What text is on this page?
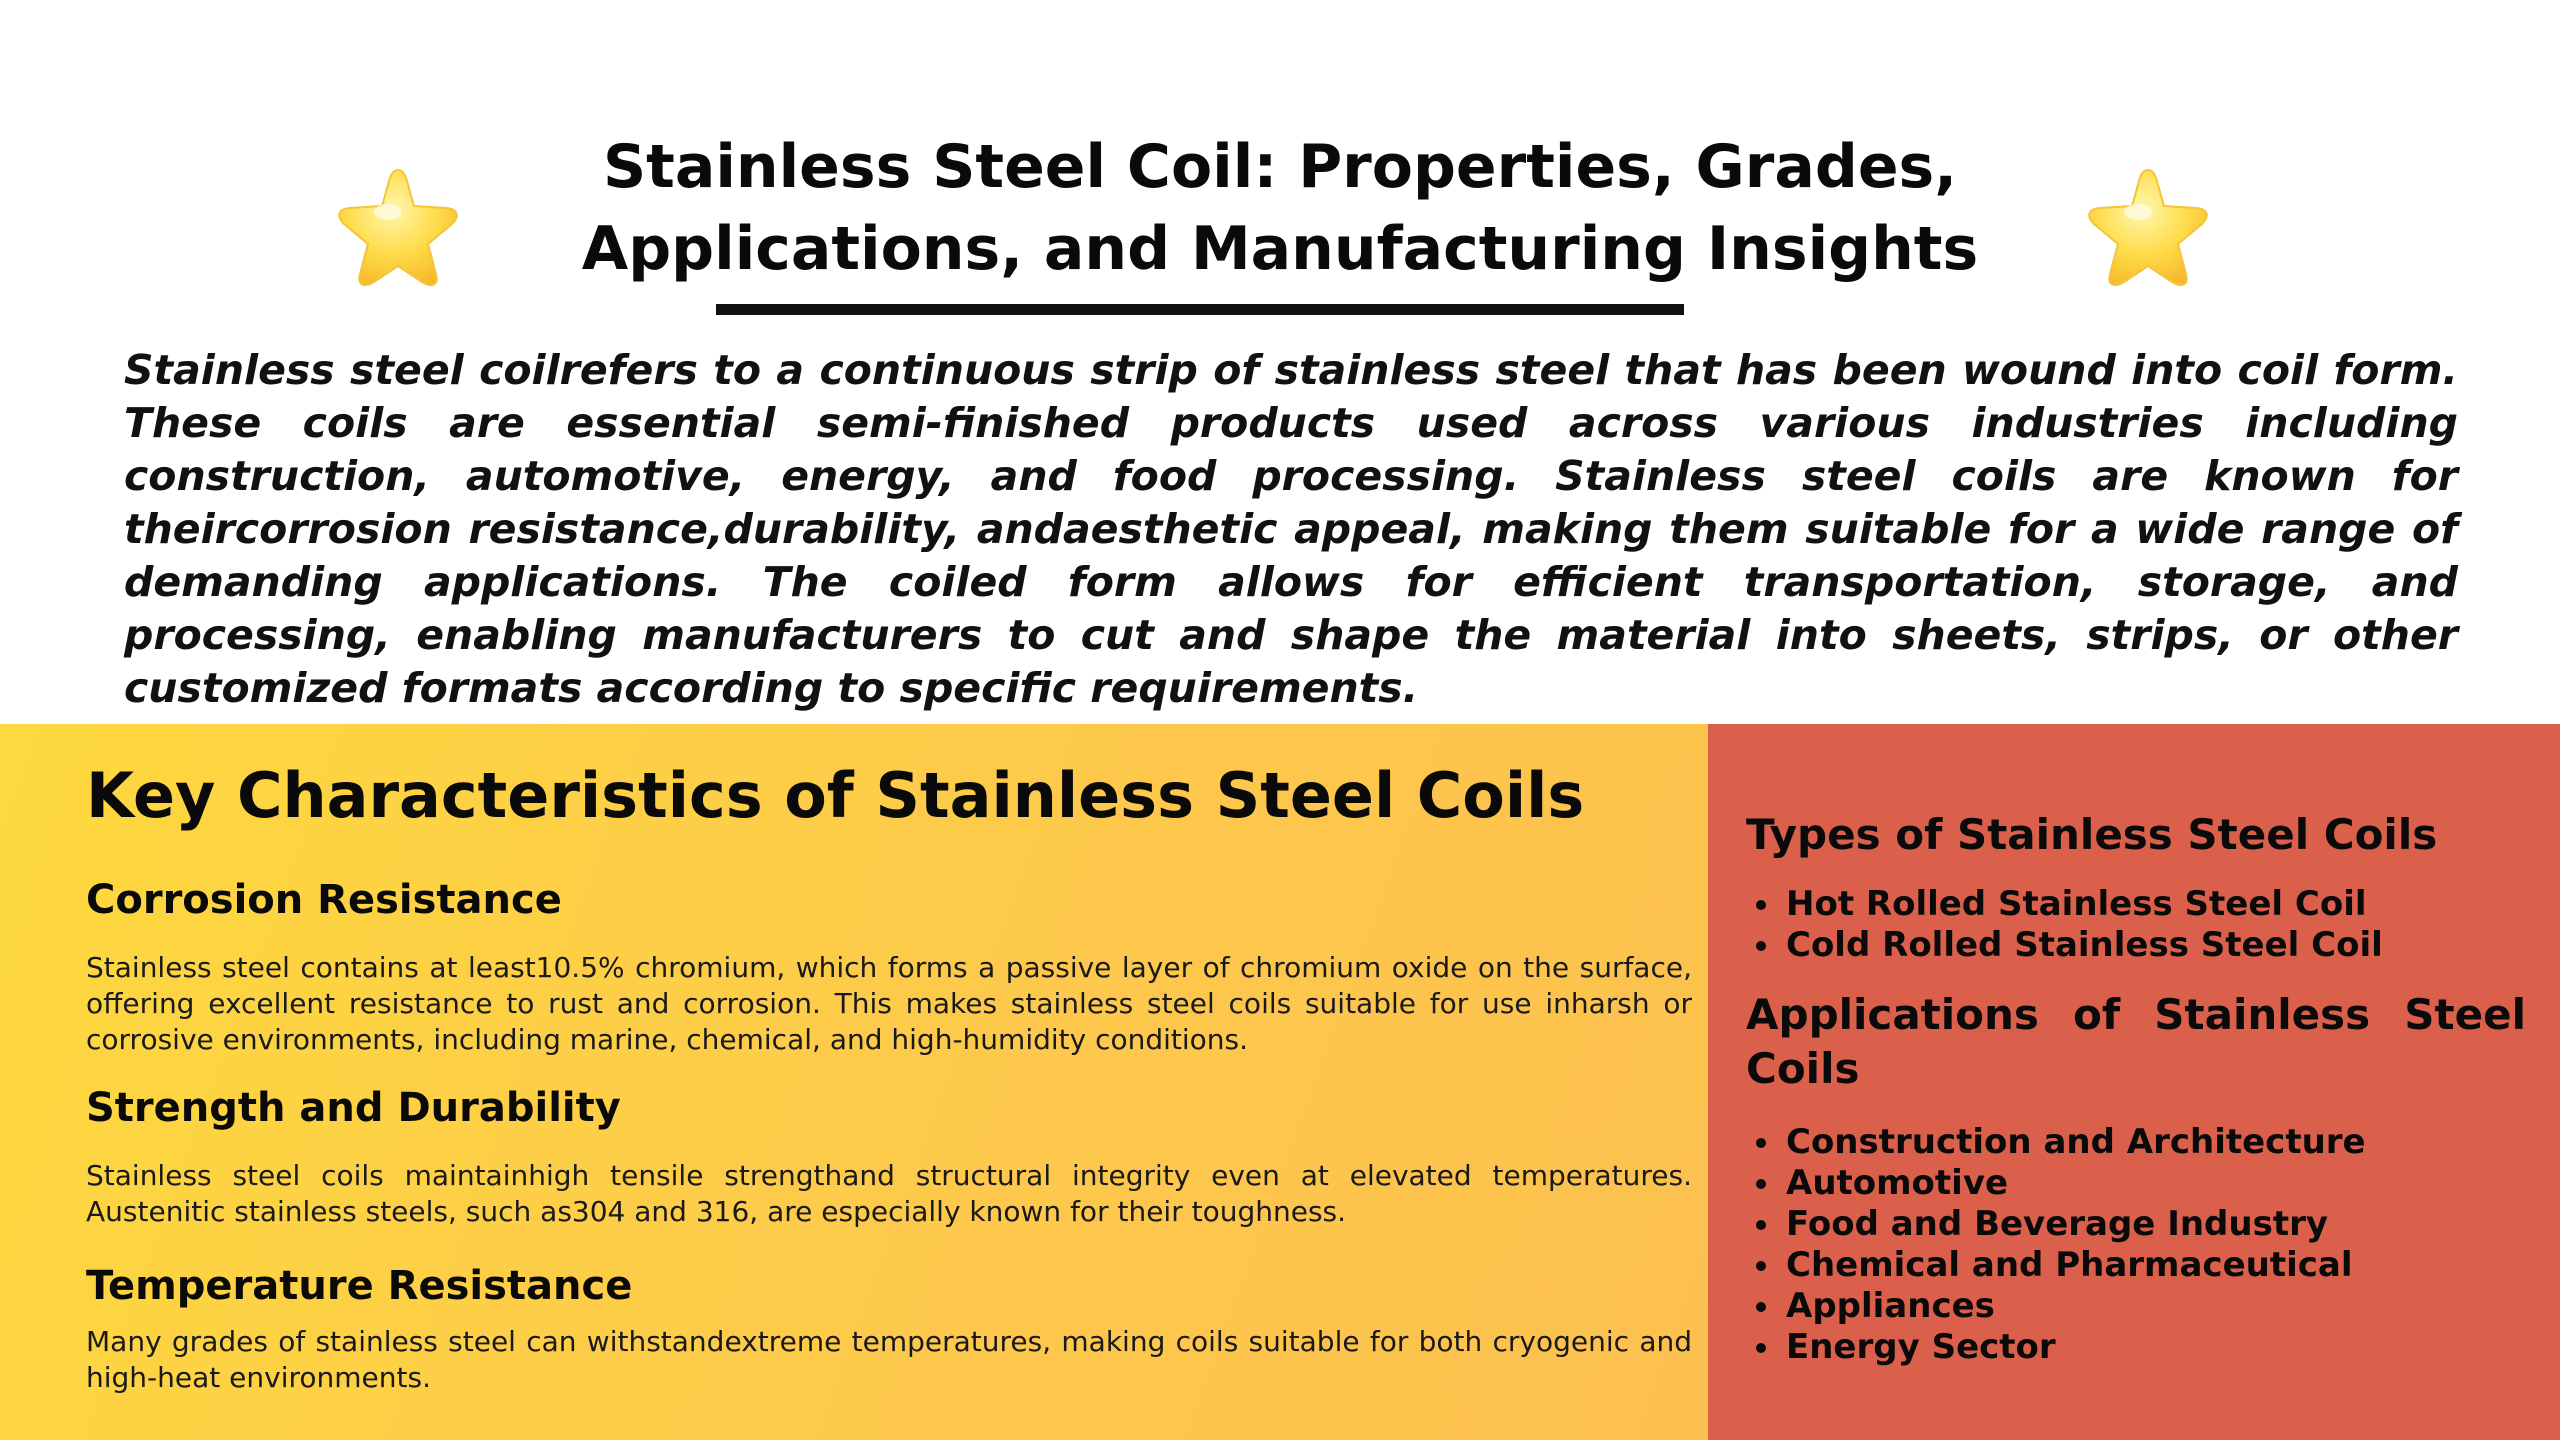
Stainless Steel Coil: Properties, Grades,
Applications, and Manufacturing Insights

Stainless steel coilrefers to a continuous strip of stainless steel that has been wound into coil form. These coils are essential semi-finished products used across various industries including construction, automotive, energy, and food processing. Stainless steel coils are known for theircorrosion resistance,durability, andaesthetic appeal, making them suitable for a wide range of demanding applications. The coiled form allows for efficient transportation, storage, and processing, enabling manufacturers to cut and shape the material into sheets, strips, or other customized formats according to specific requirements.

Key Characteristics of Stainless Steel Coils
Corrosion Resistance

Stainless steel contains at least10.5% chromium, which forms a passive layer of chromium oxide on the surface, offering excellent resistance to rust and corrosion. This makes stainless steel coils suitable for use inharsh or corrosive environments, including marine, chemical, and high-humidity conditions.

Strength and Durability

Stainless steel coils maintainhigh tensile strengthand structural integrity even at elevated temperatures. Austenitic stainless steels, such as304 and 316, are especially known for their toughness.

Temperature Resistance

Many grades of stainless steel can withstandextreme temperatures, making coils suitable for both cryogenic and high-heat environments.

Types of Stainless Steel Coils
Hot Rolled Stainless Steel Coil
Cold Rolled Stainless Steel Coil
Applications of Stainless Steel Coils
Construction and Architecture
Automotive
Food and Beverage Industry
Chemical and Pharmaceutical
Appliances
Energy Sector
